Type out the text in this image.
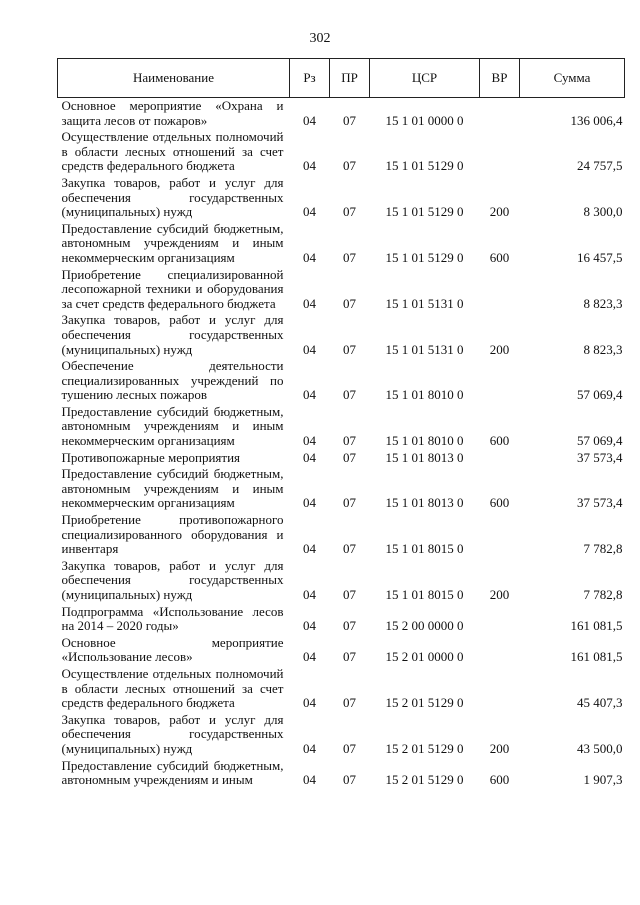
302
Наименование	Рз	ПР	ЦСР	ВР	Сумма
Основное мероприятие «Охрана и защита лесов от пожаров»	04	07	15 1 01 0000 0		136 006,4
Осуществление отдельных полномочий в области лесных отношений за счет средств федерального бюджета	04	07	15 1 01 5129 0		24 757,5
Закупка товаров, работ и услуг для обеспечения государственных (муниципальных) нужд	04	07	15 1 01 5129 0	200	8 300,0
Предоставление субсидий бюджетным, автономным учреждениям и иным некоммерческим организациям	04	07	15 1 01 5129 0	600	16 457,5
Приобретение специализированной лесопожарной техники и оборудования за счет средств федерального бюджета	04	07	15 1 01 5131 0		8 823,3
Закупка товаров, работ и услуг для обеспечения государственных (муниципальных) нужд	04	07	15 1 01 5131 0	200	8 823,3
Обеспечение деятельности специализированных учреждений по тушению лесных пожаров	04	07	15 1 01 8010 0		57 069,4
Предоставление субсидий бюджетным, автономным учреждениям и иным некоммерческим организациям	04	07	15 1 01 8010 0	600	57 069,4
Противопожарные мероприятия	04	07	15 1 01 8013 0		37 573,4
Предоставление субсидий бюджетным, автономным учреждениям и иным некоммерческим организациям	04	07	15 1 01 8013 0	600	37 573,4
Приобретение противопожарного специализированного оборудования и инвентаря	04	07	15 1 01 8015 0		7 782,8
Закупка товаров, работ и услуг для обеспечения государственных (муниципальных) нужд	04	07	15 1 01 8015 0	200	7 782,8
Подпрограмма «Использование лесов на 2014 – 2020 годы»	04	07	15 2 00 0000 0		161 081,5
Основное мероприятие «Использование лесов»	04	07	15 2 01 0000 0		161 081,5
Осуществление отдельных полномочий в области лесных отношений за счет средств федерального бюджета	04	07	15 2 01 5129 0		45 407,3
Закупка товаров, работ и услуг для обеспечения государственных (муниципальных) нужд	04	07	15 2 01 5129 0	200	43 500,0
Предоставление субсидий бюджетным, автономным учреждениям и иным	04	07	15 2 01 5129 0	600	1 907,3
